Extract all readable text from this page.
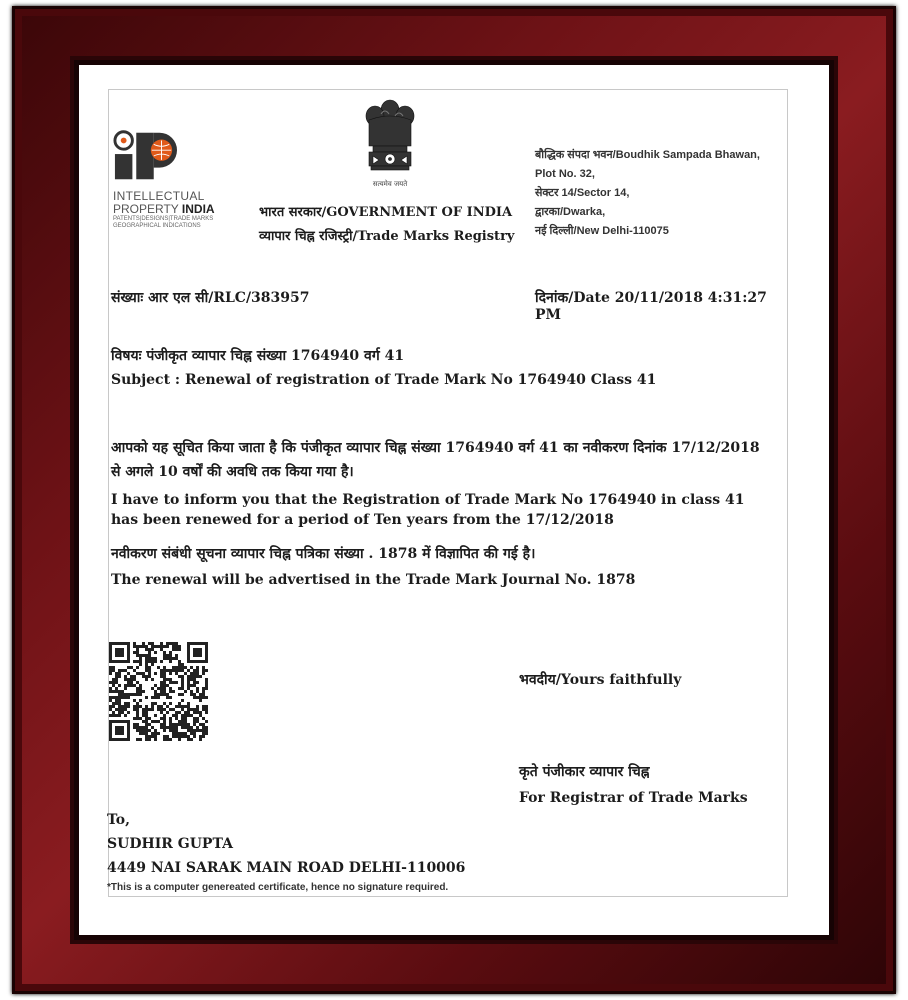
INTELLECTUAL
PROPERTY INDIA
PATENTS|DESIGNS|TRADE MARKS
GEOGRAPHICAL INDICATIONS
सत्यमेव जयते
भारत सरकार/GOVERNMENT OF INDIA
व्यापार चिह्न रजिस्ट्री/Trade Marks Registry
बौद्धिक संपदा भवन/Boudhik Sampada Bhawan,
Plot No. 32,
सेक्टर 14/Sector 14,
द्वारका/Dwarka,
नई दिल्ली/New Delhi-110075
संख्याः आर एल सी/RLC/383957	दिनांक/Date 20/11/2018 4:31:27 PM
विषयः पंजीकृत व्यापार चिह्न संख्या 1764940 वर्ग 41
Subject : Renewal of registration of Trade Mark No 1764940 Class 41
आपको यह सूचित किया जाता है कि पंजीकृत व्यापार चिह्न संख्या 1764940 वर्ग 41 का नवीकरण दिनांक 17/12/2018 से अगले 10 वर्षों की अवधि तक किया गया है।
I have to inform you that the Registration of Trade Mark No 1764940 in class 41 has been renewed for a period of Ten years from the 17/12/2018
नवीकरण संबंधी सूचना व्यापार चिह्न पत्रिका संख्या . 1878 में विज्ञापित की गई है।
The renewal will be advertised in the Trade Mark Journal No. 1878
भवदीय/Yours faithfully
कृते पंजीकार व्यापार चिह्न
For Registrar of Trade Marks
To,
SUDHIR GUPTA
4449 NAI SARAK MAIN ROAD DELHI-110006
*This is a computer genereated certificate, hence no signature required.
